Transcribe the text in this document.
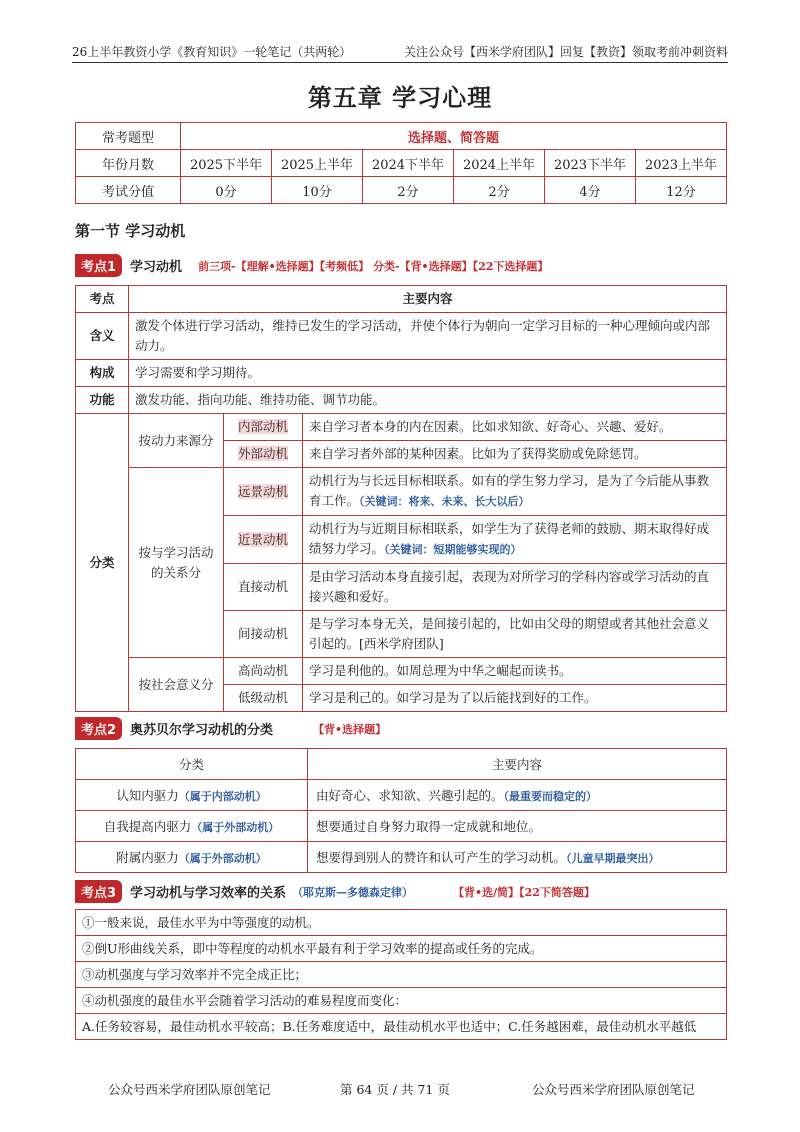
26上半年教资小学《教育知识》一轮笔记（共两轮）	关注公众号【西米学府团队】回复【教资】领取考前冲刺资料
第五章 学习心理
常考题型	选择题、简答题					
年份月数	2025下半年	2025上半年	2024下半年	2024上半年	2023下半年	2023上半年
考试分值	0分	10分	2分	2分	4分	12分
第一节 学习动机
考点1	学习动机 前三项-【理解•选择题】【考频低】 分类-【背•选择题】【22下选择题】
考点	主要内容		
含义	激发个体进行学习活动，维持已发生的学习活动，并使个体行为朝向一定学习目标的一种心理倾向或内部动力。		
构成	学习需要和学习期待。		
功能	激发功能、指向功能、维持功能、调节功能。		
分类	按动力来源分	内部动机	来自学习者本身的内在因素。比如求知欲、好奇心、兴趣、爱好。
		外部动机	来自学习者外部的某种因素。比如为了获得奖励或免除惩罚。
	按与学习活动的关系分	远景动机	动机行为与长远目标相联系。如有的学生努力学习，是为了今后能从事教育工作。（关键词：将来、未来、长大以后）
		近景动机	动机行为与近期目标相联系，如学生为了获得老师的鼓励、期末取得好成绩努力学习。（关键词：短期能够实现的）
		直接动机	是由学习活动本身直接引起，表现为对所学习的学科内容或学习活动的直接兴趣和爱好。
		间接动机	是与学习本身无关，是间接引起的，比如由父母的期望或者其他社会意义引起的。[西米学府团队]
	按社会意义分	高尚动机	学习是利他的。如周总理为中华之崛起而读书。
		低级动机	学习是利己的。如学习是为了以后能找到好的工作。
考点2	奥苏贝尔学习动机的分类	【背•选择题】
分类	主要内容
认知内驱力（属于内部动机）	由好奇心、求知欲、兴趣引起的。（最重要而稳定的）
自我提高内驱力（属于外部动机）	想要通过自身努力取得一定成就和地位。
附属内驱力（属于外部动机）	想要得到别人的赞许和认可产生的学习动机。（儿童早期最突出）
考点3	学习动机与学习效率的关系 （耶克斯—多德森定律）	【背•选/简】【22下简答题】
①一般来说，最佳水平为中等强度的动机。
②倒U形曲线关系，即中等程度的动机水平最有利于学习效率的提高或任务的完成。
③动机强度与学习效率并不完全成正比；
④动机强度的最佳水平会随着学习活动的难易程度而变化：
A.任务较容易，最佳动机水平较高；B.任务难度适中，最佳动机水平也适中；C.任务越困难，最佳动机水平越低
公众号西米学府团队原创笔记	第 64 页 / 共 71 页	公众号西米学府团队原创笔记
